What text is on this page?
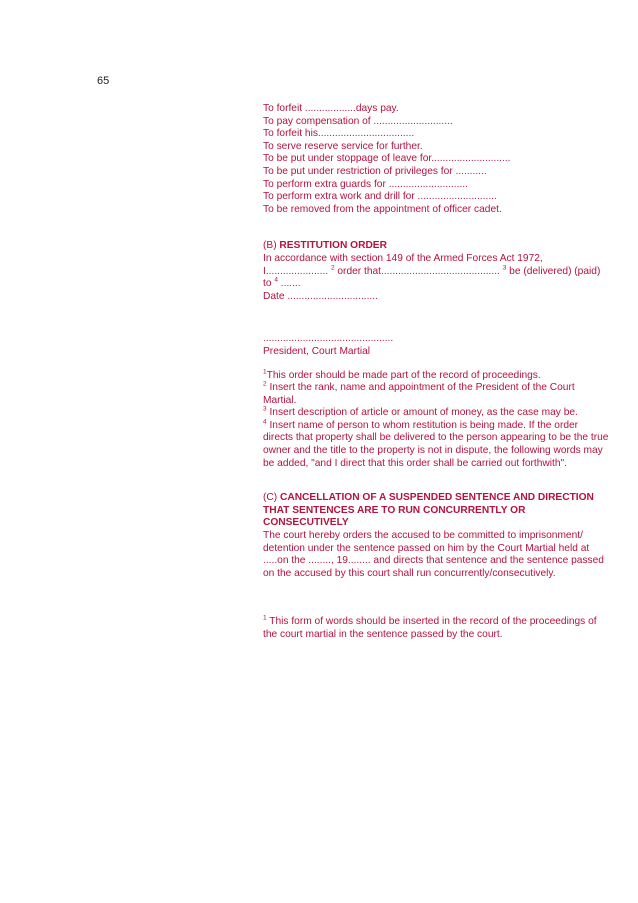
65

To forfeit ..................days pay.

To pay compensation of ............................

To forfeit his..................................

To serve reserve service for further.

To be put under stoppage of leave for............................

To be put under restriction of privileges for ...........

To perform extra guards for ............................

To perform extra work and drill for ............................

To be removed from the appointment of officer cadet.

(B) RESTITUTION ORDER

In accordance with section 149 of the Armed Forces Act 1972, I...................... $^2$ order that.......................................... $^3$ be (delivered) (paid) to $^4$ .......

Date ................................

..............................................

President, Court Martial

$^1$This order should be made part of the record of proceedings.

$^2$ Insert the rank, name and appointment of the President of the Court Martial.

$^3$ Insert description of article or amount of money, as the case may be.

$^4$ Insert name of person to whom restitution is being made. If the order directs that property shall be delivered to the person appearing to be the true owner and the title to the property is not in dispute, the following words may be added, "and I direct that this order shall be carried out forthwith".

(C) CANCELLATION OF A SUSPENDED SENTENCE AND DIRECTION THAT SENTENCES ARE TO RUN CONCURRENTLY OR CONSECUTIVELY

The court hereby orders the accused to be committed to imprisonment/ detention under the sentence passed on him by the Court Martial held at .....on the ........, 19........ and directs that sentence and the sentence passed on the accused by this court shall run concurrently/consecutively.

$^1$ This form of words should be inserted in the record of the proceedings of the court martial in the sentence passed by the court.
